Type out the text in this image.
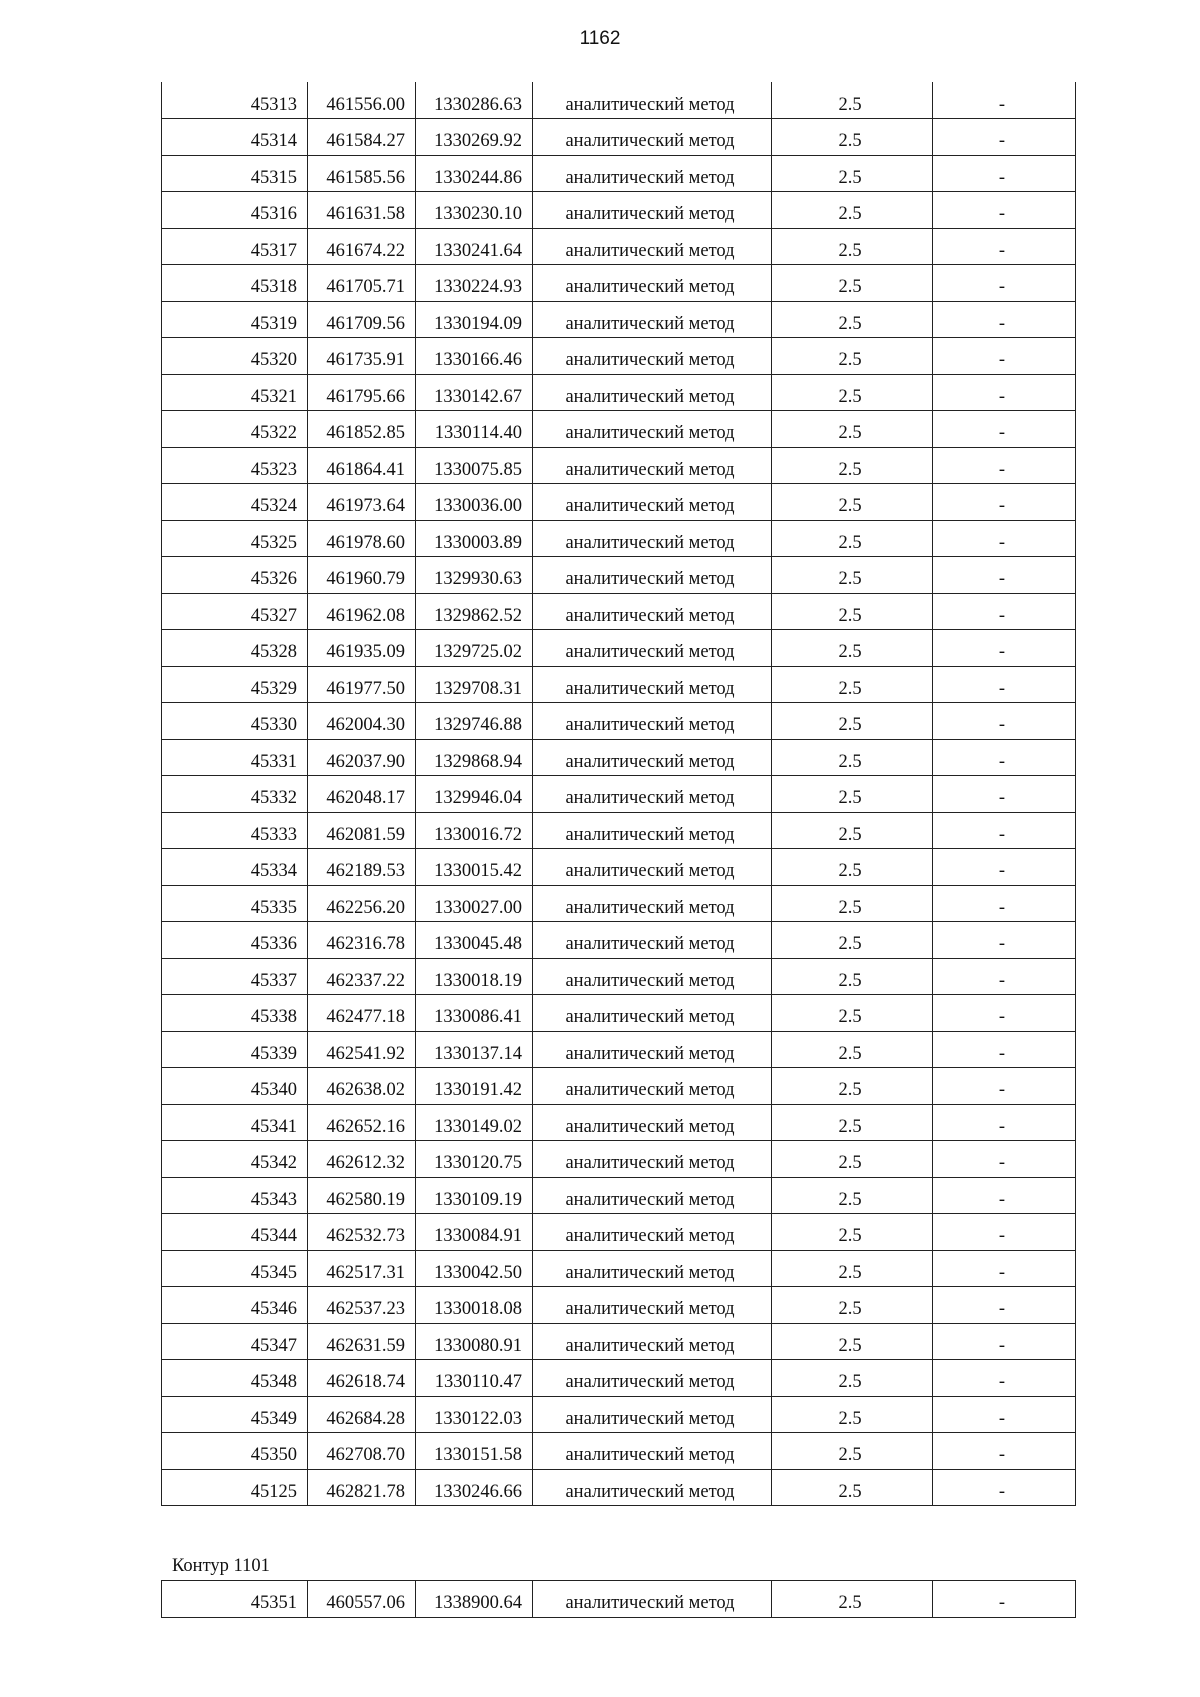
1162
45313	461556.00	1330286.63	аналитический метод	2.5	-
45314	461584.27	1330269.92	аналитический метод	2.5	-
45315	461585.56	1330244.86	аналитический метод	2.5	-
45316	461631.58	1330230.10	аналитический метод	2.5	-
45317	461674.22	1330241.64	аналитический метод	2.5	-
45318	461705.71	1330224.93	аналитический метод	2.5	-
45319	461709.56	1330194.09	аналитический метод	2.5	-
45320	461735.91	1330166.46	аналитический метод	2.5	-
45321	461795.66	1330142.67	аналитический метод	2.5	-
45322	461852.85	1330114.40	аналитический метод	2.5	-
45323	461864.41	1330075.85	аналитический метод	2.5	-
45324	461973.64	1330036.00	аналитический метод	2.5	-
45325	461978.60	1330003.89	аналитический метод	2.5	-
45326	461960.79	1329930.63	аналитический метод	2.5	-
45327	461962.08	1329862.52	аналитический метод	2.5	-
45328	461935.09	1329725.02	аналитический метод	2.5	-
45329	461977.50	1329708.31	аналитический метод	2.5	-
45330	462004.30	1329746.88	аналитический метод	2.5	-
45331	462037.90	1329868.94	аналитический метод	2.5	-
45332	462048.17	1329946.04	аналитический метод	2.5	-
45333	462081.59	1330016.72	аналитический метод	2.5	-
45334	462189.53	1330015.42	аналитический метод	2.5	-
45335	462256.20	1330027.00	аналитический метод	2.5	-
45336	462316.78	1330045.48	аналитический метод	2.5	-
45337	462337.22	1330018.19	аналитический метод	2.5	-
45338	462477.18	1330086.41	аналитический метод	2.5	-
45339	462541.92	1330137.14	аналитический метод	2.5	-
45340	462638.02	1330191.42	аналитический метод	2.5	-
45341	462652.16	1330149.02	аналитический метод	2.5	-
45342	462612.32	1330120.75	аналитический метод	2.5	-
45343	462580.19	1330109.19	аналитический метод	2.5	-
45344	462532.73	1330084.91	аналитический метод	2.5	-
45345	462517.31	1330042.50	аналитический метод	2.5	-
45346	462537.23	1330018.08	аналитический метод	2.5	-
45347	462631.59	1330080.91	аналитический метод	2.5	-
45348	462618.74	1330110.47	аналитический метод	2.5	-
45349	462684.28	1330122.03	аналитический метод	2.5	-
45350	462708.70	1330151.58	аналитический метод	2.5	-
45125	462821.78	1330246.66	аналитический метод	2.5	-
Контур 1101
45351	460557.06	1338900.64	аналитический метод	2.5	-
